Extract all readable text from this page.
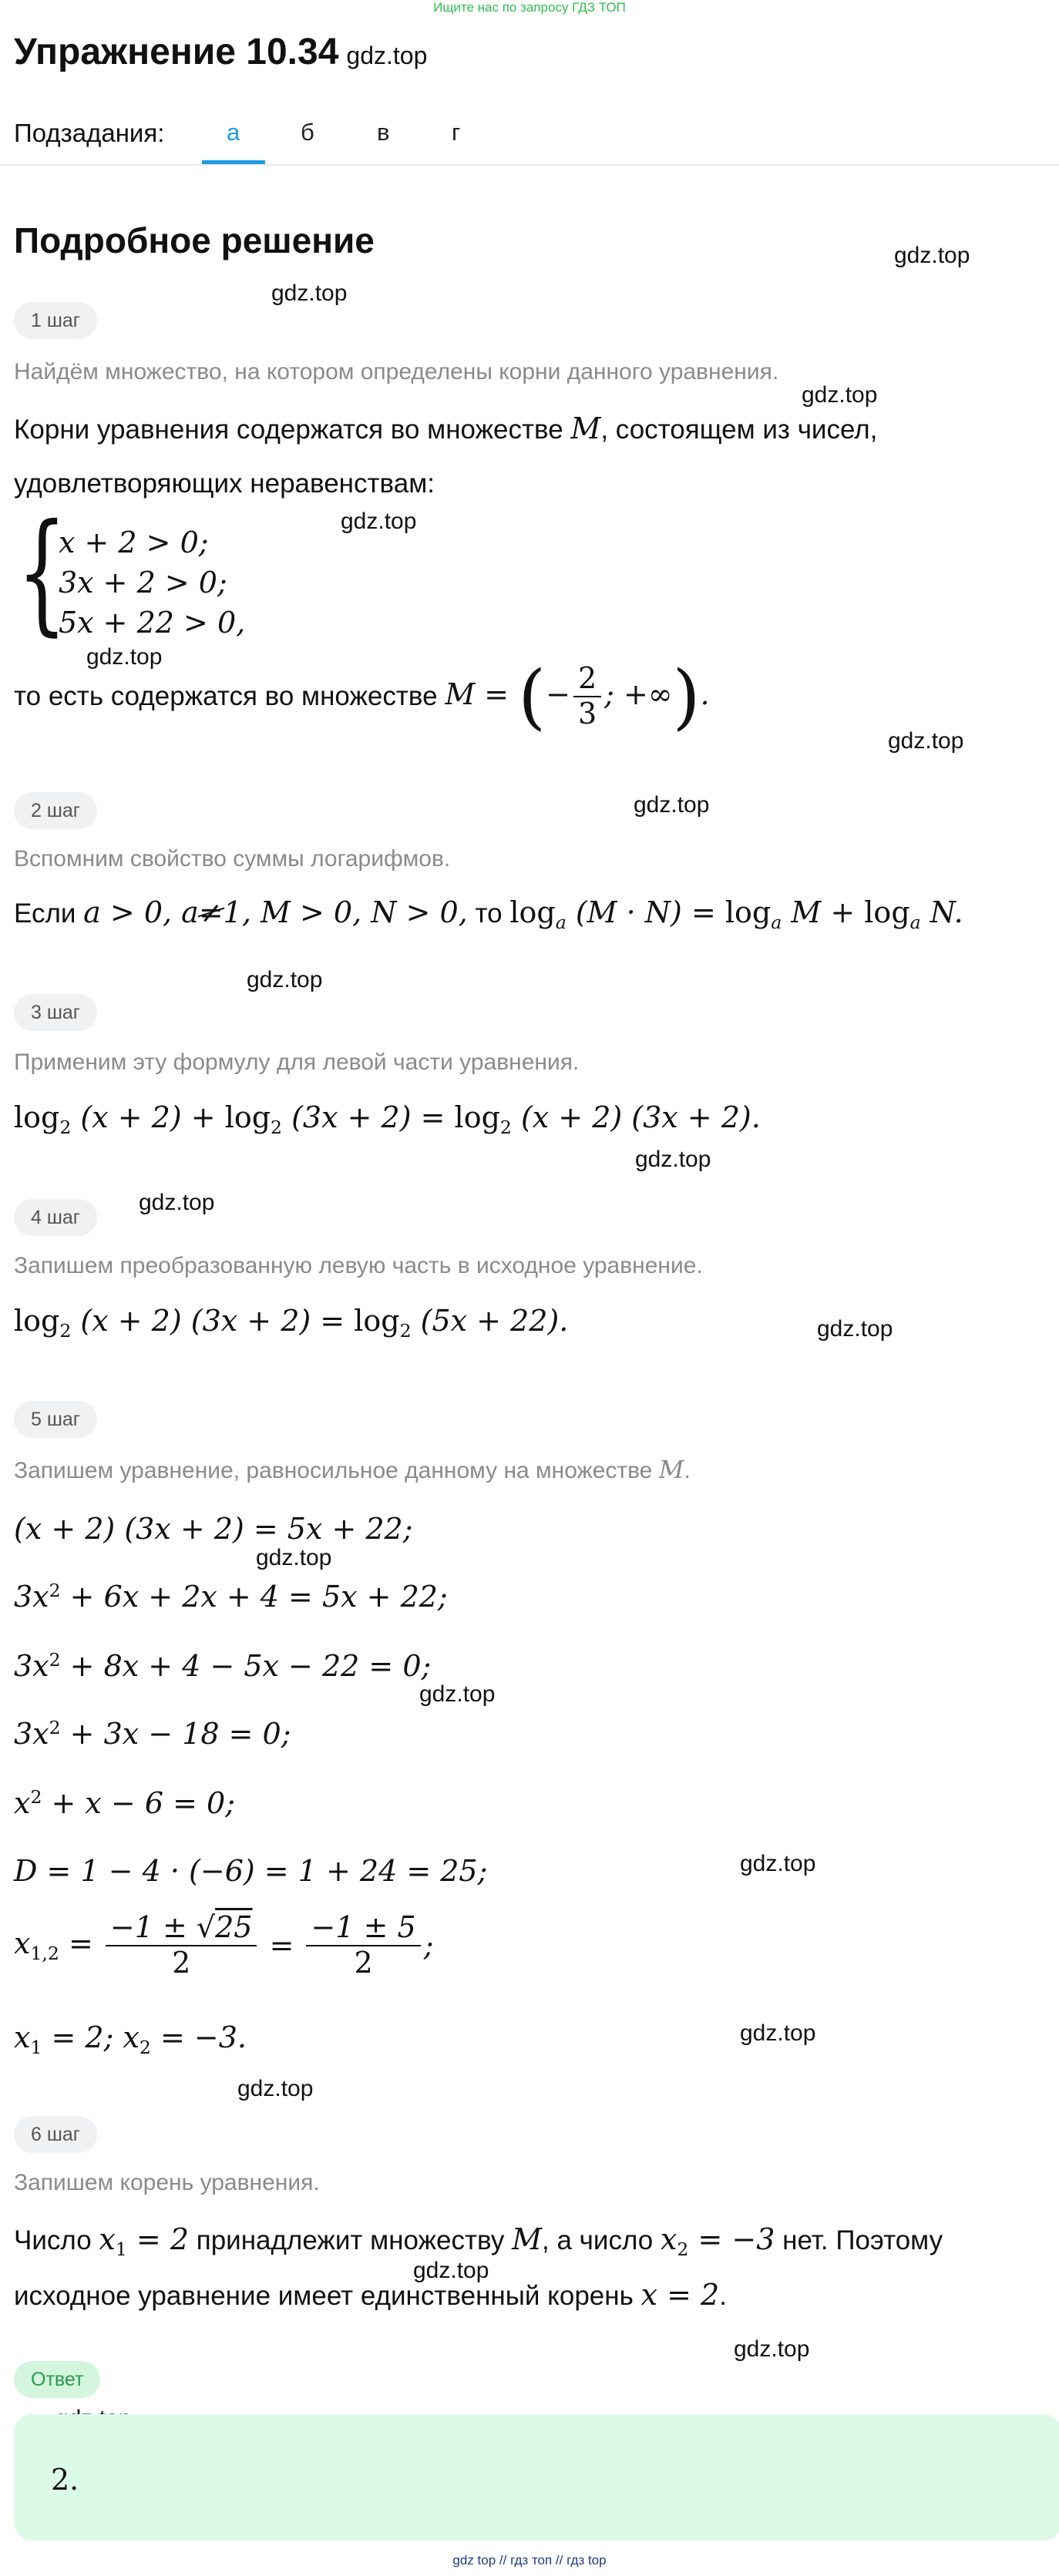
Ищите нас по запросу ГДЗ ТОП
Упражнение 10.34 gdz.top
Подзадания:	а	б	в	г
Подробное решение	gdz.top
gdz.top
gdz.top
gdz.top
gdz.top
gdz.top
gdz.top
gdz.top
gdz.top
gdz.top
gdz.top
gdz.top
gdz.top
gdz.top
gdz.top
gdz.top
gdz.top
gdz.top
1 шаг
Найдём множество, на котором определены корни данного уравнения.
Корни уравнения содержатся во множестве M, состоящем из чисел,
удовлетворяющих неравенствам:
{
x + 2 > 0;
3x + 2 > 0;
5x + 22 > 0,
то есть содержатся во множестве M = (− $\frac{2}{3}$ ; +∞).
2 шаг
Вспомним свойство суммы логарифмов.
Если a > 0, a≠1, M > 0, N > 0, то $\log_a (M \cdot N) = \log_a M + \log_a N$.
3 шаг
Применим эту формулу для левой части уравнения.
$\log_2 (x + 2) + \log_2 (3x + 2) = \log_2 (x + 2) (3x + 2)$.
4 шаг
Запишем преобразованную левую часть в исходное уравнение.
$\log_2 (x + 2) (3x + 2) = \log_2 (5x + 22)$.
5 шаг
Запишем уравнение, равносильное данному на множестве M.
(x + 2) (3x + 2) = 5x + 22;
$3x^2 + 6x + 2x + 4 = 5x + 22$;
$3x^2 + 8x + 4 - 5x - 22 = 0$;
$3x^2 + 3x - 18 = 0$;
$x^2 + x - 6 = 0$;
D = 1 − 4 · (−6) = 1 + 24 = 25;
$x_{1,2} = \frac{-1 \pm √25}{2} = \frac{-1 \pm 5}{2}$ ;
$x_1 = 2$; $x_2 = -3$.
6 шаг
Запишем корень уравнения.
Число $x_1 = 2$ принадлежит множеству M, а число $x_2 = -3$ нет. Поэтому
исходное уравнение имеет единственный корень x = 2.
Ответ
2.
gdz top // гдз топ // гдз top
